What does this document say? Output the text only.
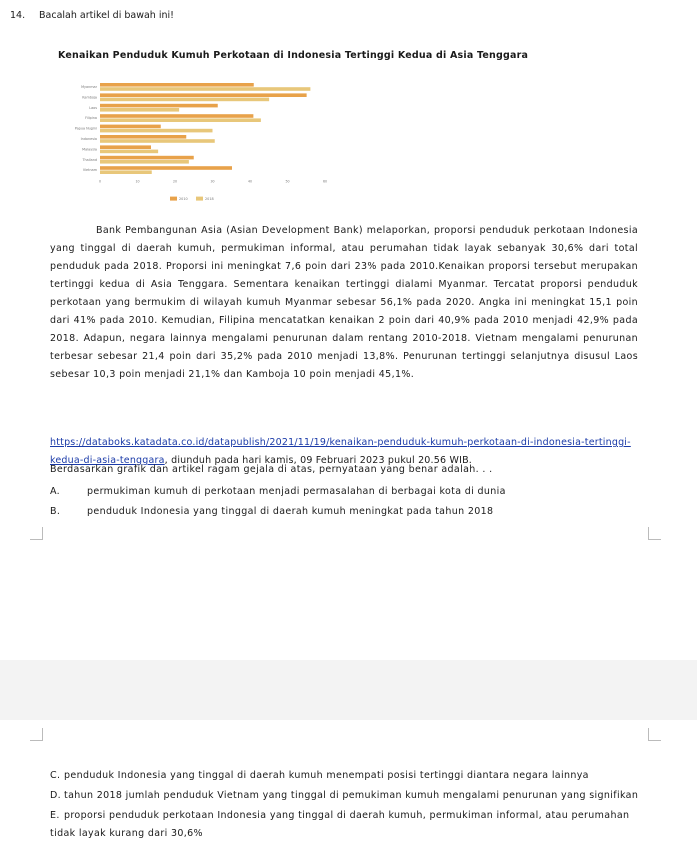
14. Bacalah artikel di bawah ini!
Kenaikan Penduduk Kumuh Perkotaan di Indonesia Tertinggi Kedua di Asia Tenggara
Myanmar
Kamboja
Laos
Filipina
Papua Nugini
Indonesia
Malaysia
Thailand
Vietnam
0	10	20	30	40	50	60
2010	2018
Bank Pembangunan Asia (Asian Development Bank) melaporkan, proporsi penduduk perkotaan Indonesia yang tinggal di daerah kumuh, permukiman informal, atau perumahan tidak layak sebanyak 30,6% dari total penduduk pada 2018. Proporsi ini meningkat 7,6 poin dari 23% pada 2010.Kenaikan proporsi tersebut merupakan tertinggi kedua di Asia Tenggara. Sementara kenaikan tertinggi dialami Myanmar. Tercatat proporsi penduduk perkotaan yang bermukim di wilayah kumuh Myanmar sebesar 56,1% pada 2020. Angka ini meningkat 15,1 poin dari 41% pada 2010. Kemudian, Filipina mencatatkan kenaikan 2 poin dari 40,9% pada 2010 menjadi 42,9% pada 2018. Adapun, negara lainnya mengalami penurunan dalam rentang 2010-2018. Vietnam mengalami penurunan terbesar sebesar 21,4 poin dari 35,2% pada 2010 menjadi 13,8%. Penurunan tertinggi selanjutnya disusul Laos sebesar 10,3 poin menjadi 21,1% dan Kamboja 10 poin menjadi 45,1%.
https://databoks.katadata.co.id/datapublish/2021/11/19/kenaikan-penduduk-kumuh-perkotaan-di-indonesia-tertinggi-kedua-di-asia-tenggara, diunduh pada hari kamis, 09 Februari 2023 pukul 20.56 WIB.
Berdasarkan grafik dan artikel ragam gejala di atas, pernyataan yang benar adalah. . .
A.	permukiman kumuh di perkotaan menjadi permasalahan di berbagai kota di dunia
B.	penduduk Indonesia yang tinggal di daerah kumuh meningkat pada tahun 2018
C. penduduk Indonesia yang tinggal di daerah kumuh menempati posisi tertinggi diantara negara lainnya
D. tahun 2018 jumlah penduduk Vietnam yang tinggal di pemukiman kumuh mengalami penurunan yang signifikan
E. proporsi penduduk perkotaan Indonesia yang tinggal di daerah kumuh, permukiman informal, atau perumahan tidak layak kurang dari 30,6%
